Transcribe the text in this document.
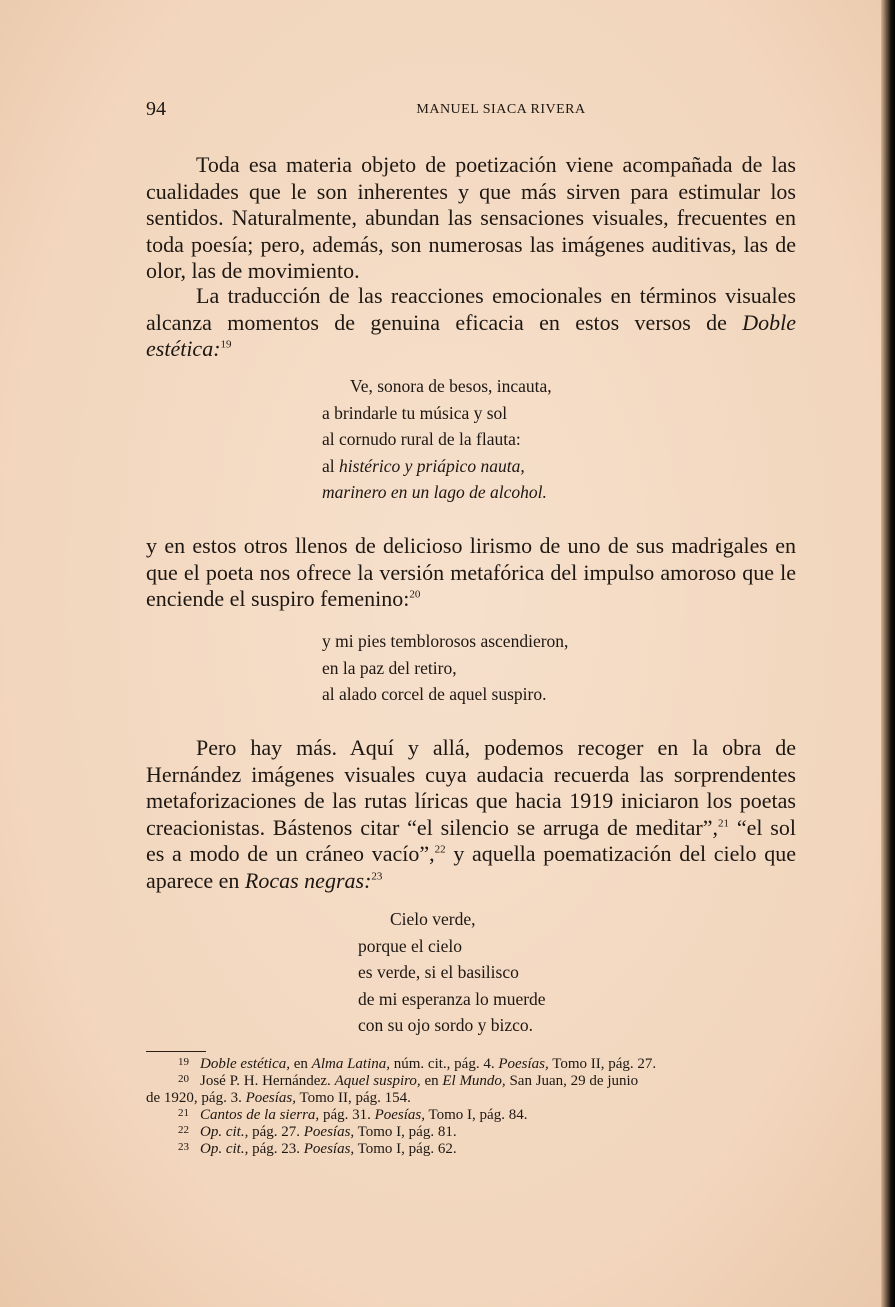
94	MANUEL SIACA RIVERA

Toda esa materia objeto de poetización viene acompañada de las cualidades que le son inherentes y que más sirven para estimular los sentidos. Naturalmente, abundan las sensaciones visuales, frecuentes en toda poesía; pero, además, son numerosas las imágenes auditivas, las de olor, las de movimiento.

La traducción de las reacciones emocionales en términos visuales alcanza momentos de genuina eficacia en estos versos de Doble estética:$^{19}$

Ve, sonora de besos, incauta,
a brindarle tu música y sol
al cornudo rural de la flauta:
al histérico y priápico nauta,
marinero en un lago de alcohol.

y en estos otros llenos de delicioso lirismo de uno de sus madrigales en que el poeta nos ofrece la versión metafórica del impulso amoroso que le enciende el suspiro femenino:$^{20}$

y mi pies temblorosos ascendieron,
en la paz del retiro,
al alado corcel de aquel suspiro.

Pero hay más. Aquí y allá, podemos recoger en la obra de Hernández imágenes visuales cuya audacia recuerda las sorprendentes metaforizaciones de las rutas líricas que hacia 1919 iniciaron los poetas creacionistas. Bástenos citar “el silencio se arruga de meditar”,$^{21}$ “el sol es a modo de un cráneo vacío”,$^{22}$ y aquella poematización del cielo que aparece en Rocas negras:$^{23}$

Cielo verde,
porque el cielo
es verde, si el basilisco
de mi esperanza lo muerde
con su ojo sordo y bizco.
19 Doble estética, en Alma Latina, núm. cit., pág. 4. Poesías, Tomo II, pág. 27.
20 José P. H. Hernández. Aquel suspiro, en El Mundo, San Juan, 29 de junio
de 1920, pág. 3. Poesías, Tomo II, pág. 154.
21 Cantos de la sierra, pág. 31. Poesías, Tomo I, pág. 84.
22 Op. cit., pág. 27. Poesías, Tomo I, pág. 81.
23 Op. cit., pág. 23. Poesías, Tomo I, pág. 62.
